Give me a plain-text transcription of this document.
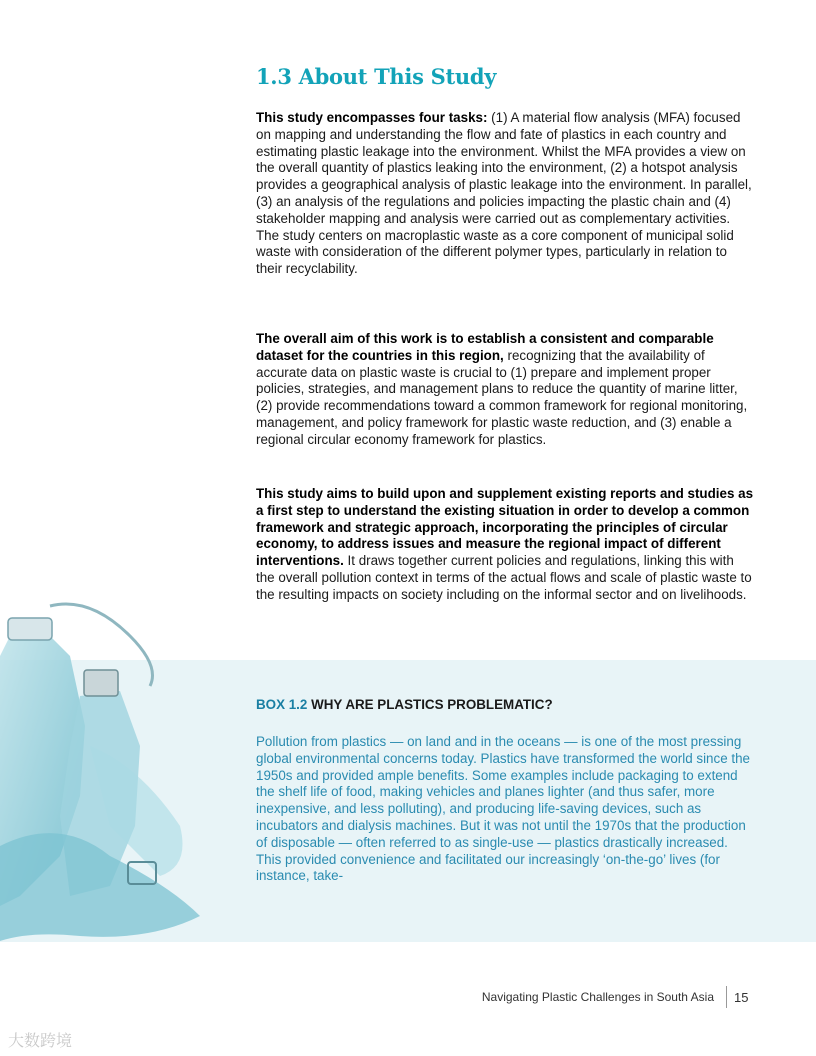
1.3 About This Study

This study encompasses four tasks: (1) A material flow analysis (MFA) focused on mapping and understanding the flow and fate of plastics in each country and estimating plastic leakage into the environment. Whilst the MFA provides a view on the overall quantity of plastics leaking into the environment, (2) a hotspot analysis provides a geographical analysis of plastic leakage into the environment. In parallel, (3) an analysis of the regulations and policies impacting the plastic chain and (4) stakeholder mapping and analysis were carried out as complementary activities. The study centers on macroplastic waste as a core component of municipal solid waste with consideration of the different polymer types, particularly in relation to their recyclability.

The overall aim of this work is to establish a consistent and comparable dataset for the countries in this region, recognizing that the availability of accurate data on plastic waste is crucial to (1) prepare and implement proper policies, strategies, and management plans to reduce the quantity of marine litter, (2) provide recommendations toward a common framework for regional monitoring, management, and policy framework for plastic waste reduction, and (3) enable a regional circular economy framework for plastics.

This study aims to build upon and supplement existing reports and studies as a first step to understand the existing situation in order to develop a common framework and strategic approach, incorporating the principles of circular economy, to address issues and measure the regional impact of different interventions. It draws together current policies and regulations, linking this with the overall pollution context in terms of the actual flows and scale of plastic waste to the resulting impacts on society including on the informal sector and on livelihoods.

BOX 1.2 WHY ARE PLASTICS PROBLEMATIC?

Pollution from plastics — on land and in the oceans — is one of the most pressing global environmental concerns today. Plastics have transformed the world since the 1950s and provided ample benefits. Some examples include packaging to extend the shelf life of food, making vehicles and planes lighter (and thus safer, more inexpensive, and less polluting), and producing life-saving devices, such as incubators and dialysis machines. But it was not until the 1970s that the production of disposable — often referred to as single-use — plastics drastically increased. This provided convenience and facilitated our increasingly ‘on-the-go’ lives (for instance, take-

Navigating Plastic Challenges in South Asia 15
大数跨境
